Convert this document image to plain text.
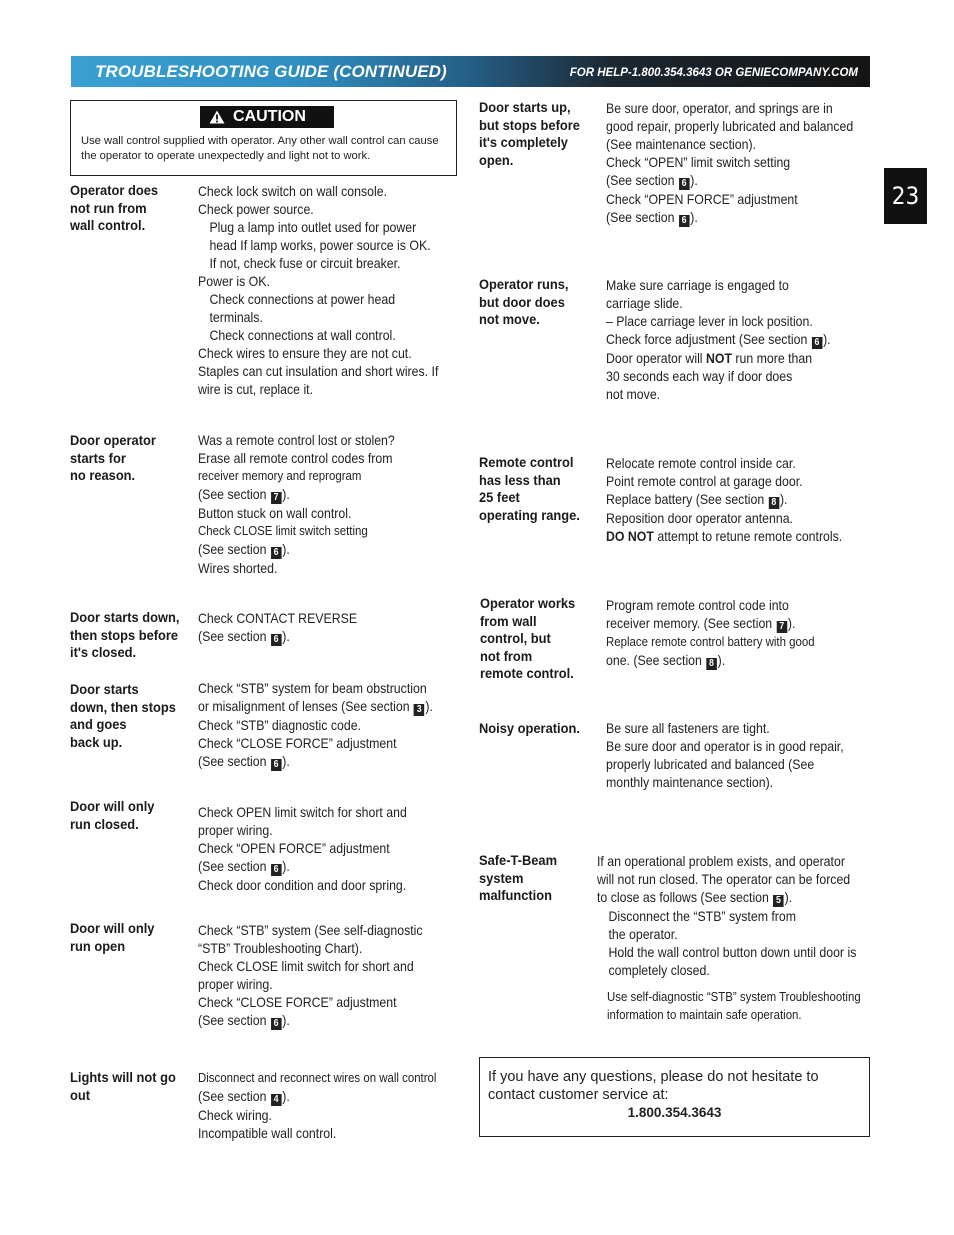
TROUBLESHOOTING GUIDE (CONTINUED)	FOR HELP-1.800.354.3643 OR GENIECOMPANY.COM
23
CAUTION
Use wall control supplied with operator. Any other wall control can cause the operator to operate unexpectedly and light not to work.
Operator does
not run from
wall control.
Check lock switch on wall console.
Check power source.
Plug a lamp into outlet used for power
head If lamp works, power source is OK.
If not, check fuse or circuit breaker.
Power is OK.
Check connections at power head
terminals.
Check connections at wall control.
Check wires to ensure they are not cut.
Staples can cut insulation and short wires. If
wire is cut, replace it.
Door operator
starts for
no reason.
Was a remote control lost or stolen?
Erase all remote control codes from
receiver memory and reprogram
(See section 7 ).
Button stuck on wall control.
Check CLOSE limit switch setting
(See section 6 ).
Wires shorted.
Door starts down,
then stops before
it's closed.
Check CONTACT REVERSE
(See section 6 ).
Door starts
down, then stops
and goes
back up.
Check “STB” system for beam obstruction
or misalignment of lenses (See section 3 ).
Check “STB” diagnostic code.
Check “CLOSE FORCE” adjustment
(See section 6 ).
Door will only
run closed.
Check OPEN limit switch for short and
proper wiring.
Check “OPEN FORCE” adjustment
(See section 6 ).
Check door condition and door spring.
Door will only
run open
Check “STB” system (See self-diagnostic
“STB” Troubleshooting Chart).
Check CLOSE limit switch for short and
proper wiring.
Check “CLOSE FORCE” adjustment
(See section 6 ).
Lights will not go
out
Disconnect and reconnect wires on wall control
(See section 4 ).
Check wiring.
Incompatible wall control.
Door starts up,
but stops before
it's completely
open.
Be sure door, operator, and springs are in
good repair, properly lubricated and balanced
(See maintenance section).
Check “OPEN” limit switch setting
(See section 6 ).
Check “OPEN FORCE” adjustment
(See section 6 ).
Operator runs,
but door does
not move.
Make sure carriage is engaged to
carriage slide.
– Place carriage lever in lock position.
Check force adjustment (See section 6 ).
Door operator will NOT run more than
30 seconds each way if door does
not move.
Remote control
has less than
25 feet
operating range.
Relocate remote control inside car.
Point remote control at garage door.
Replace battery (See section 8 ).
Reposition door operator antenna.
DO NOT attempt to retune remote controls.
Operator works
from wall
control, but
not from
remote control.
Program remote control code into
receiver memory. (See section 7 ).
Replace remote control battery with good
one. (See section 8 ).
Noisy operation. Be sure all fasteners are tight.
Be sure door and operator is in good repair,
properly lubricated and balanced (See
monthly maintenance section).
Safe-T-Beam
system
malfunction
If an operational problem exists, and operator
will not run closed. The operator can be forced
to close as follows (See section 5 ).
Disconnect the “STB” system from
the operator.
Hold the wall control button down until door is
completely closed.
Use self-diagnostic “STB” system Troubleshooting
information to maintain safe operation.
If you have any questions, please do not hesitate to contact customer service at:
1.800.354.3643
